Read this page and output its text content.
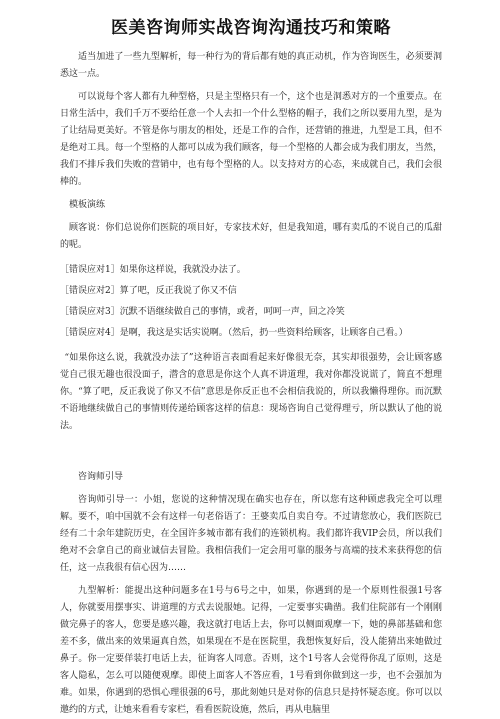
医美咨询师实战咨询沟通技巧和策略

适当加进了一些九型解析，每一种行为的背后都有她的真正动机，作为咨询医生，必须要洞悉这一点。

可以说每个客人都有九种型格，只是主型格只有一个，这个也是洞悉对方的一个重要点。在日常生活中，我们千万不要给任意一个人去扣一个什么型格的帽子，我们之所以要用九型，是为了让结局更美好。不管是你与朋友的相处，还是工作的合作，还营销的推进，九型是工具，但不是绝对工具。每一个型格的人都可以成为我们顾客，每一个型格的人都会成为我们朋友，当然，我们不排斥我们失败的营销中，也有每个型格的人。以支持对方的心态，来成就自己，我们会很棒的。

模板演练

顾客说：你们总说你们医院的项目好，专家技术好，但是我知道，哪有卖瓜的不说自己的瓜甜的呢。

［错误应对1］如果你这样说，我就没办法了。

［错误应对2］算了吧，反正我说了你又不信

［错误应对3］沉默不语继续做自己的事情，或者，呵呵一声，回之冷笑

［错误应对4］是啊，我这是实话实说啊。（然后，扔一些资料给顾客，让顾客自己看。）

“如果你这么说，我就没办法了”这种语言表面看起来好像很无奈，其实却很强势，会让顾客感觉自己很无趣也很没面子，潜含的意思是你这个人真不讲道理，我对你都没说谎了，简直不想理你。“算了吧，反正我说了你又不信”意思是你反正也不会相信我说的，所以我懒得理你。而沉默不语地继续做自己的事情则传递给顾客这样的信息：现场咨询自己觉得理亏，所以默认了他的说法。

咨询师引导

咨询师引导一：小姐，您说的这种情况现在确实也存在，所以您有这种顾虑我完全可以理解。要不，咱中国就不会有这样一句老俗语了：王婆卖瓜自卖自夸。不过请您放心，我们医院已经有二十余年建院历史，在全国许多城市都有我们的连锁机构。我们都许我VIP会员，所以我们绝对不会拿自己的商业诚信去冒险。我相信我们一定会用可靠的服务与高端的技术来获得您的信任，这一点我很有信心因为……

九型解析：能提出这种问题多在1号与6号之中，如果，你遇到的是一个原则性很强1号客人，你就要用摆事实、讲道理的方式去说服她。记得，一定要事实确凿。我们住院部有一个刚刚做完鼻子的客人，您要是感兴趣，我这就打电话上去，你可以侧面观摩一下，她的鼻部基础和您差不多，做出来的效果逼真自然，如果现在不是在医院里，我想恢复好后，没人能猜出来她做过鼻子。你一定要佯装打电话上去，征询客人同意。否则，这个1号客人会觉得你乱了原则，这是客人隐私，怎么可以随便观摩。即使上面客人不答应看，1号看到你做到这一步，也不会强加为难。如果，你遇到的恐惧心理很强的6号，那此刻她只是对你的信息只是持怀疑态度。你可以以邀约的方式，让她来看看专家栏，看看医院设施，然后，再从电脑里
